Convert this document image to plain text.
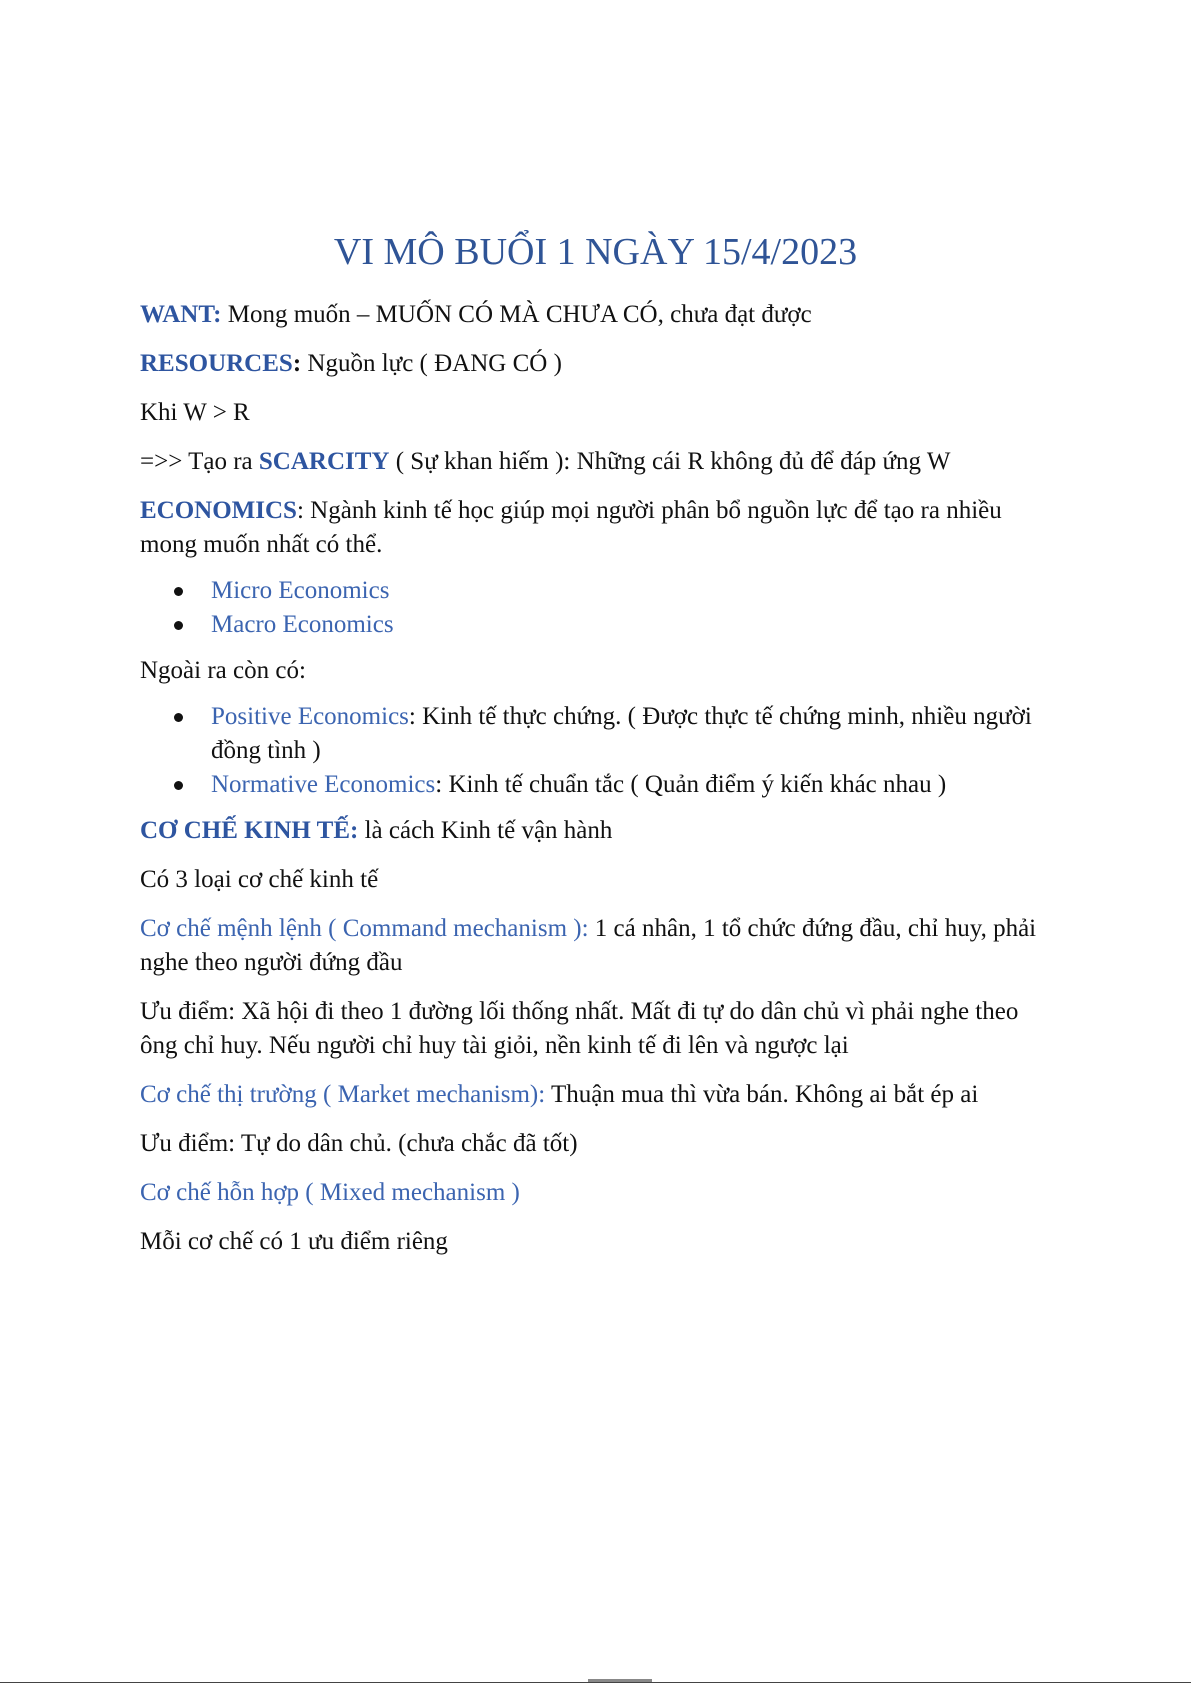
VI MÔ BUỔI 1 NGÀY 15/4/2023

WANT: Mong muốn – MUỐN CÓ MÀ CHƯA CÓ, chưa đạt được

RESOURCES: Nguồn lực ( ĐANG CÓ )

Khi W > R

=>> Tạo ra SCARCITY ( Sự khan hiếm ): Những cái R không đủ để đáp ứng W

ECONOMICS: Ngành kinh tế học giúp mọi người phân bổ nguồn lực để tạo ra nhiều mong muốn nhất có thể.

Micro Economics
Macro Economics

Ngoài ra còn có:

Positive Economics: Kinh tế thực chứng. ( Được thực tế chứng minh, nhiều người đồng tình )
Normative Economics: Kinh tế chuẩn tắc ( Quản điểm ý kiến khác nhau )

CƠ CHẾ KINH TẾ: là cách Kinh tế vận hành

Có 3 loại cơ chế kinh tế

Cơ chế mệnh lệnh ( Command mechanism ): 1 cá nhân, 1 tổ chức đứng đầu, chỉ huy, phải nghe theo người đứng đầu

Ưu điểm: Xã hội đi theo 1 đường lối thống nhất. Mất đi tự do dân chủ vì phải nghe theo ông chỉ huy. Nếu người chỉ huy tài giỏi, nền kinh tế đi lên và ngược lại

Cơ chế thị trường ( Market mechanism): Thuận mua thì vừa bán. Không ai bắt ép ai

Ưu điểm: Tự do dân chủ. (chưa chắc đã tốt)

Cơ chế hỗn hợp ( Mixed mechanism )

Mỗi cơ chế có 1 ưu điểm riêng
